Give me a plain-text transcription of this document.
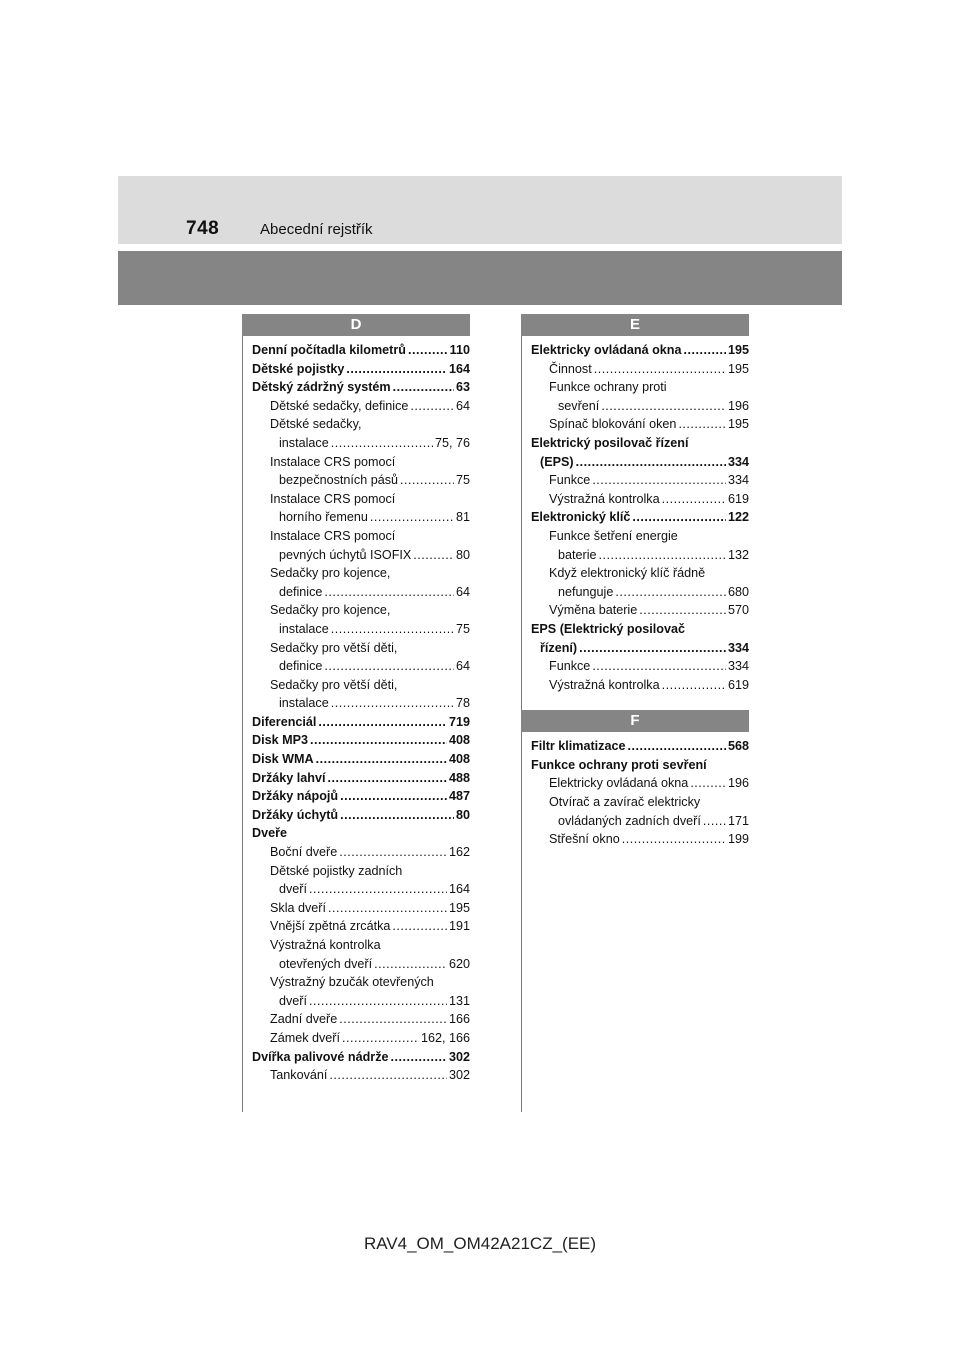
748	Abecední rejstřík
D
Denní počítadla kilometrů .....	110
Dětské pojistky .....	164
Dětský zádržný systém .....	63
Dětské sedačky, definice .....	64
Dětské sedačky,
instalace .....	75, 76
Instalace CRS pomocí
bezpečnostních pásů .....	75
Instalace CRS pomocí
horního řemenu .....	81
Instalace CRS pomocí
pevných úchytů ISOFIX .....	80
Sedačky pro kojence,
definice .....	64
Sedačky pro kojence,
instalace .....	75
Sedačky pro větší děti,
definice .....	64
Sedačky pro větší děti,
instalace .....	78
Diferenciál .....	719
Disk MP3 .....	408
Disk WMA .....	408
Držáky lahví .....	488
Držáky nápojů .....	487
Držáky úchytů .....	80
Dveře
Boční dveře .....	162
Dětské pojistky zadních
dveří .....	164
Skla dveří .....	195
Vnější zpětná zrcátka .....	191
Výstražná kontrolka
otevřených dveří .....	620
Výstražný bzučák otevřených
dveří .....	131
Zadní dveře .....	166
Zámek dveří .....	162, 166
Dvířka palivové nádrže .....	302
Tankování .....	302
E
Elektricky ovládaná okna .....	195
Činnost .....	195
Funkce ochrany proti
sevření .....	196
Spínač blokování oken .....	195
Elektrický posilovač řízení
(EPS) .....	334
Funkce .....	334
Výstražná kontrolka .....	619
Elektronický klíč .....	122
Funkce šetření energie
baterie .....	132
Když elektronický klíč řádně
nefunguje .....	680
Výměna baterie .....	570
EPS (Elektrický posilovač
řízení) .....	334
Funkce .....	334
Výstražná kontrolka .....	619
F
Filtr klimatizace .....	568
Funkce ochrany proti sevření
Elektricky ovládaná okna .....	196
Otvírač a zavírač elektricky
ovládaných zadních dveří ..... 171
Střešní okno .....	199
RAV4_OM_OM42A21CZ_(EE)
